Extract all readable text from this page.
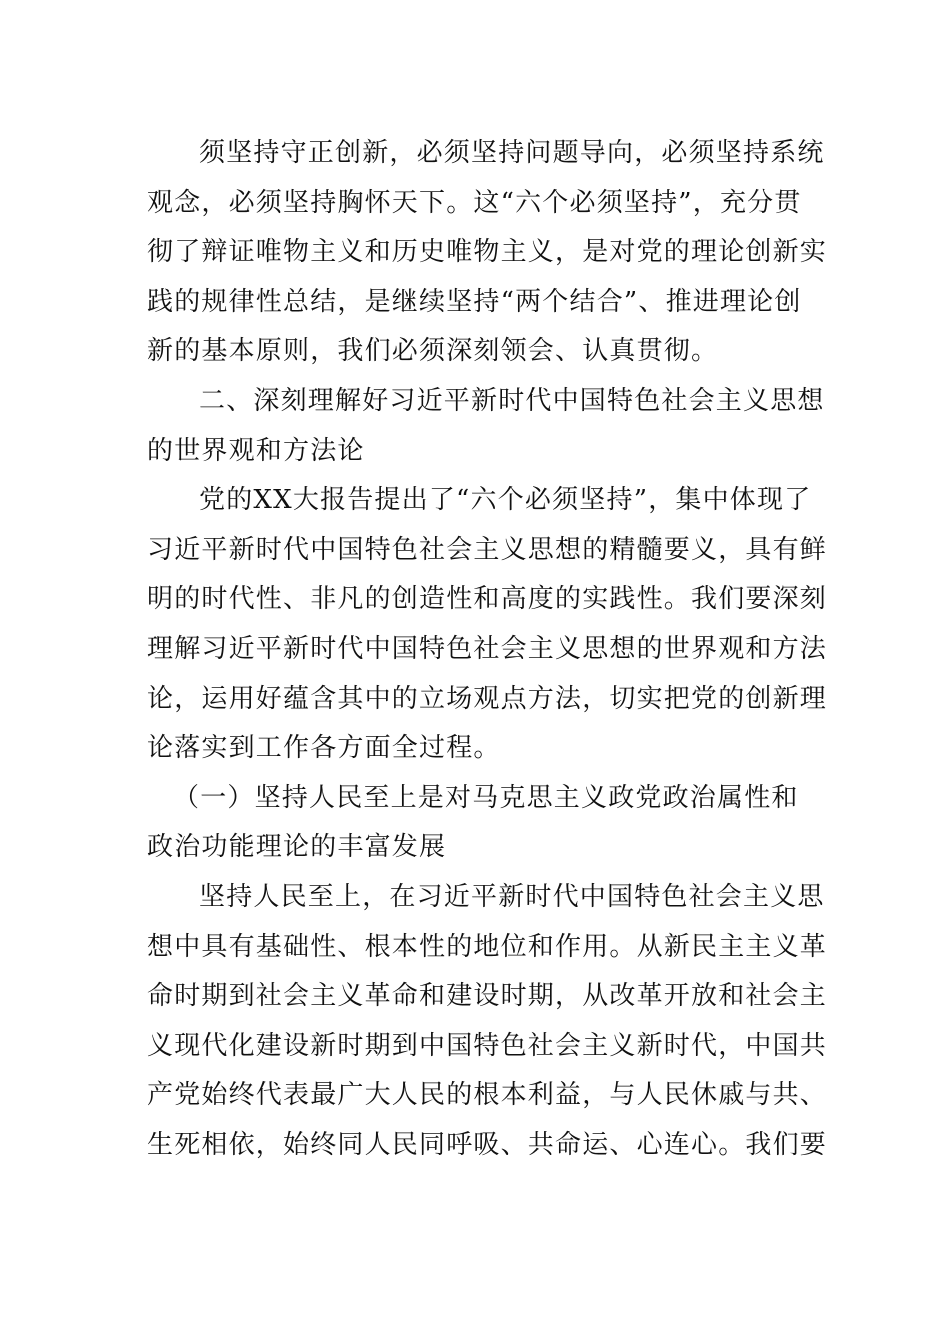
须坚持守正创新，必须坚持问题导向，必须坚持系统
观念，必须坚持胸怀天下。这“六个必须坚持”，充分贯
彻了辩证唯物主义和历史唯物主义，是对党的理论创新实
践的规律性总结，是继续坚持“两个结合”、推进理论创
新的基本原则，我们必须深刻领会、认真贯彻。
二、深刻理解好习近平新时代中国特色社会主义思想
的世界观和方法论
党的XX大报告提出了“六个必须坚持”，集中体现了
习近平新时代中国特色社会主义思想的精髓要义，具有鲜
明的时代性、非凡的创造性和高度的实践性。我们要深刻
理解习近平新时代中国特色社会主义思想的世界观和方法
论，运用好蕴含其中的立场观点方法，切实把党的创新理
论落实到工作各方面全过程。
（一）坚持人民至上是对马克思主义政党政治属性和
政治功能理论的丰富发展
坚持人民至上，在习近平新时代中国特色社会主义思
想中具有基础性、根本性的地位和作用。从新民主主义革
命时期到社会主义革命和建设时期，从改革开放和社会主
义现代化建设新时期到中国特色社会主义新时代，中国共
产党始终代表最广大人民的根本利益，与人民休戚与共、
生死相依，始终同人民同呼吸、共命运、心连心。我们要
